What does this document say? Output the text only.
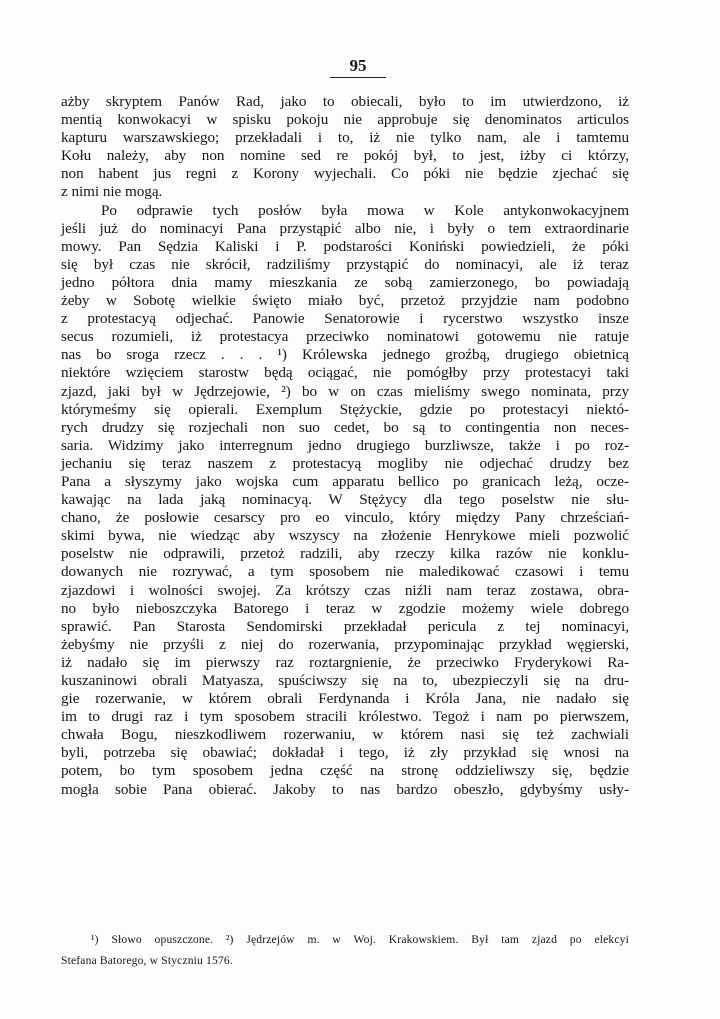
95
ażby skryptem Panów Rad, jako to obiecali, było to im utwierdzono, iż
mentią konwokacyi w spisku pokoju nie approbuje się denominatos articulos
kapturu warszawskiego; przekładali i to, iż nie tylko nam, ale i tamtemu
Kołu należy, aby non nomine sed re pokój był, to jest, iżby ci którzy,
non habent jus regni z Korony wyjechali. Co póki nie będzie zjechać się
z nimi nie mogą.
Po odprawie tych posłów była mowa w Kole antykonwokacyjnem
jeśli już do nominacyi Pana przystąpić albo nie, i były o tem extraordinarie
mowy. Pan Sędzia Kaliski i P. podstarości Koniński powiedzieli, że póki
się był czas nie skrócił, radziliśmy przystąpić do nominacyi, ale iż teraz
jedno półtora dnia mamy mieszkania ze sobą zamierzonego, bo powiadają
żeby w Sobotę wielkie święto miało być, przetoż przyjdzie nam podobno
z protestacyą odjechać. Panowie Senatorowie i rycerstwo wszystko insze
secus rozumieli, iż protestacya przeciwko nominatowi gotowemu nie ratuje
nas bo sroga rzecz . . . ¹) Królewska jednego groźbą, drugiego obietnicą
niektóre wzięciem starostw będą ociągać, nie pomógłby przy protestacyi taki
zjazd, jaki był w Jędrzejowie, ²) bo w on czas mieliśmy swego nominata, przy
którymeśmy się opierali. Exemplum Stężyckie, gdzie po protestacyi niektó-
rych drudzy się rozjechali non suo cedet, bo są to contingentia non neces-
saria. Widzimy jako interregnum jedno drugiego burzliwsze, także i po roz-
jechaniu się teraz naszem z protestacyą mogliby nie odjechać drudzy bez
Pana a słyszymy jako wojska cum apparatu bellico po granicach leżą, ocze-
kawając na lada jaką nominacyą. W Stężycy dla tego poselstw nie słu-
chano, że posłowie cesarscy pro eo vinculo, który między Pany chrześciań-
skimi bywa, nie wiedząc aby wszyscy na złożenie Henrykowe mieli pozwolić
poselstw nie odprawili, przetoż radzili, aby rzeczy kilka razów nie konklu-
dowanych nie rozrywać, a tym sposobem nie maledikować czasowi i temu
zjazdowi i wolności swojej. Za krótszy czas niźli nam teraz zostawa, obra-
no było nieboszczyka Batorego i teraz w zgodzie możemy wiele dobrego
sprawić. Pan Starosta Sendomirski przekładał pericula z tej nominacyi,
żebyśmy nie przyśli z niej do rozerwania, przypominając przykład węgierski,
iż nadało się im pierwszy raz roztargnienie, że przeciwko Fryderykowi Ra-
kuszaninowi obrali Matyasza, spuściwszy się na to, ubezpieczyli się na dru-
gie rozerwanie, w którem obrali Ferdynanda i Króla Jana, nie nadało się
im to drugi raz i tym sposobem stracili królestwo. Tegoż i nam po pierwszem,
chwała Bogu, nieszkodliwem rozerwaniu, w którem nasi się też zachwiali
byli, potrzeba się obawiać; dokładał i tego, iż zły przykład się wnosi na
potem, bo tym sposobem jedna część na stronę oddzieliwszy się, będzie
mogła sobie Pana obierać. Jakoby to nas bardzo obeszło, gdybyśmy usły-
¹) Słowo opuszczone. ²) Jędrzejów m. w Woj. Krakowskiem. Był tam zjazd po elekcyi
Stefana Batorego, w Styczniu 1576.
